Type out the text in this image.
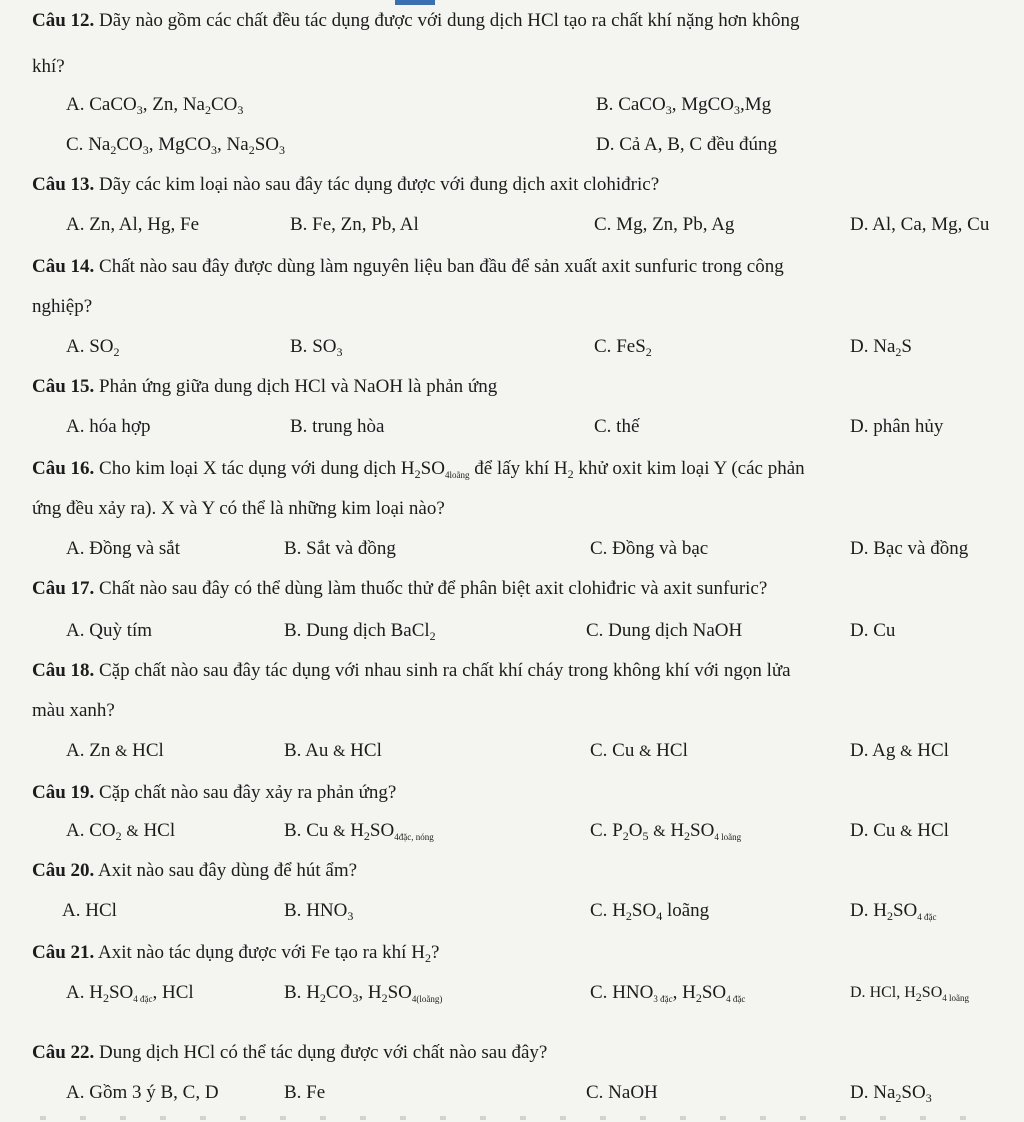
Câu 12. Dãy nào gồm các chất đều tác dụng được với dung dịch HCl tạo ra chất khí nặng hơn không
khí?
A. CaCO$_3$, Zn, $Na_2CO_3$	B. CaCO$_3$, MgCO$_3$,Mg
C. $Na_2CO_3$, MgCO$_3$, $Na_2SO_3$	D. Cả A, B, C đều đúng
Câu 13. Dãy các kim loại nào sau đây tác dụng được với đung dịch axit clohiđric?
A. Zn, Al, Hg, Fe	B. Fe, Zn, Pb, Al	C. Mg, Zn, Pb, Ag	D. Al, Ca, Mg, Cu
Câu 14. Chất nào sau đây được dùng làm nguyên liệu ban đầu để sản xuất axit sunfuric trong công
nghiệp?
A. $SO_2$	B. $SO_3$	C. FeS$_2$	D. $Na_2S$
Câu 15. Phản ứng giữa dung dịch HCl và NaOH là phản ứng
A. hóa hợp	B. trung hòa	C. thế	D. phân hủy
Câu 16. Cho kim loại X tác dụng với dung dịch $H_2SO_{4loãng}$ để lấy khí $H_2$ khử oxit kim loại Y (các phản
ứng đều xảy ra). X và Y có thể là những kim loại nào?
A. Đồng và sắt	B. Sắt và đồng	C. Đồng và bạc	D. Bạc và đồng
Câu 17. Chất nào sau đây có thể dùng làm thuốc thử để phân biệt axit clohiđric và axit sunfuric?
A. Quỳ tím	B. Dung dịch BaCl$_2$	C. Dung dịch NaOH	D. Cu
Câu 18. Cặp chất nào sau đây tác dụng với nhau sinh ra chất khí cháy trong không khí với ngọn lửa
màu xanh?
A. Zn & HCl	B. Au & HCl	C. Cu & HCl	D. Ag & HCl
Câu 19. Cặp chất nào sau đây xảy ra phản ứng?
A. $CO_2$ & HCl	B. Cu & $H_2SO_{4đặc, nóng}$	C. $P_2O_5$ & $H_2SO_{4 loãng}$	D. Cu & HCl
Câu 20. Axit nào sau đây dùng để hút ẩm?
A. HCl	B. $HNO_3$	C. $H_2SO_4$ loãng	D. $H_2SO_{4 đặc}$
Câu 21. Axit nào tác dụng được với Fe tạo ra khí $H_2$?
A. $H_2SO_{4 đặc}$, HCl	B. $H_2CO_3$, $H_2SO_{4(loãng)}$	C. $HNO_{3 đặc}$, $H_2SO_{4 đặc}$	D. HCl, $H_2SO_{4 loãng}$
Câu 22. Dung dịch HCl có thể tác dụng được với chất nào sau đây?
A. Gồm 3 ý B, C, D	B. Fe	C. NaOH	D. $Na_2SO_3$
